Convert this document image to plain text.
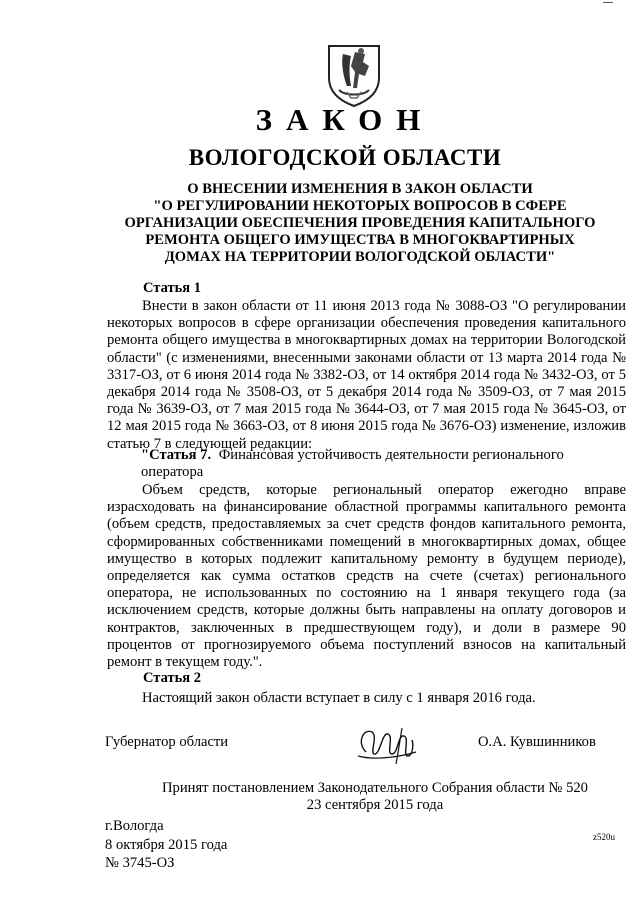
ЗАКОН
ВОЛОГОДСКОЙ ОБЛАСТИ
О ВНЕСЕНИИ ИЗМЕНЕНИЯ В ЗАКОН ОБЛАСТИ
"О РЕГУЛИРОВАНИИ НЕКОТОРЫХ ВОПРОСОВ В СФЕРЕ
ОРГАНИЗАЦИИ ОБЕСПЕЧЕНИЯ ПРОВЕДЕНИЯ КАПИТАЛЬНОГО
РЕМОНТА ОБЩЕГО ИМУЩЕСТВА В МНОГОКВАРТИРНЫХ
ДОМАХ НА ТЕРРИТОРИИ ВОЛОГОДСКОЙ ОБЛАСТИ"
Статья 1
Внести в закон области от 11 июня 2013 года № 3088-ОЗ "О регулировании некоторых вопросов в сфере организации обеспечения проведения капитального ремонта общего имущества в многоквартирных домах на территории Вологодской области" (с изменениями, внесенными законами области от 13 марта 2014 года № 3317-ОЗ, от 6 июня 2014 года № 3382-ОЗ, от 14 октября 2014 года № 3432-ОЗ, от 5 декабря 2014 года № 3508-ОЗ, от 5 декабря 2014 года № 3509-ОЗ, от 7 мая 2015 года № 3639-ОЗ, от 7 мая 2015 года № 3644-ОЗ, от 7 мая 2015 года № 3645-ОЗ, от 12 мая 2015 года № 3663-ОЗ, от 8 июня 2015 года № 3676-ОЗ) изменение, изложив статью 7 в следующей редакции:
"Статья 7. Финансовая устойчивость деятельности регионального оператора
Объем средств, которые региональный оператор ежегодно вправе израсходовать на финансирование областной программы капитального ремонта (объем средств, предоставляемых за счет средств фондов капитального ремонта, сформированных собственниками помещений в многоквартирных домах, общее имущество в которых подлежит капитальному ремонту в будущем периоде), определяется как сумма остатков средств на счете (счетах) регионального оператора, не использованных по состоянию на 1 января текущего года (за исключением средств, которые должны быть направлены на оплату договоров и контрактов, заключенных в предшествующем году), и доли в размере 90 процентов от прогнозируемого объема поступлений взносов на капитальный ремонт в текущем году.".
Статья 2
Настоящий закон области вступает в силу с 1 января 2016 года.
Губернатор области	О.А. Кувшинников
Принят постановлением Законодательного Собрания области № 520
23 сентября 2015 года
г.Вологда
8 октября 2015 года
№ 3745-ОЗ
z520u
